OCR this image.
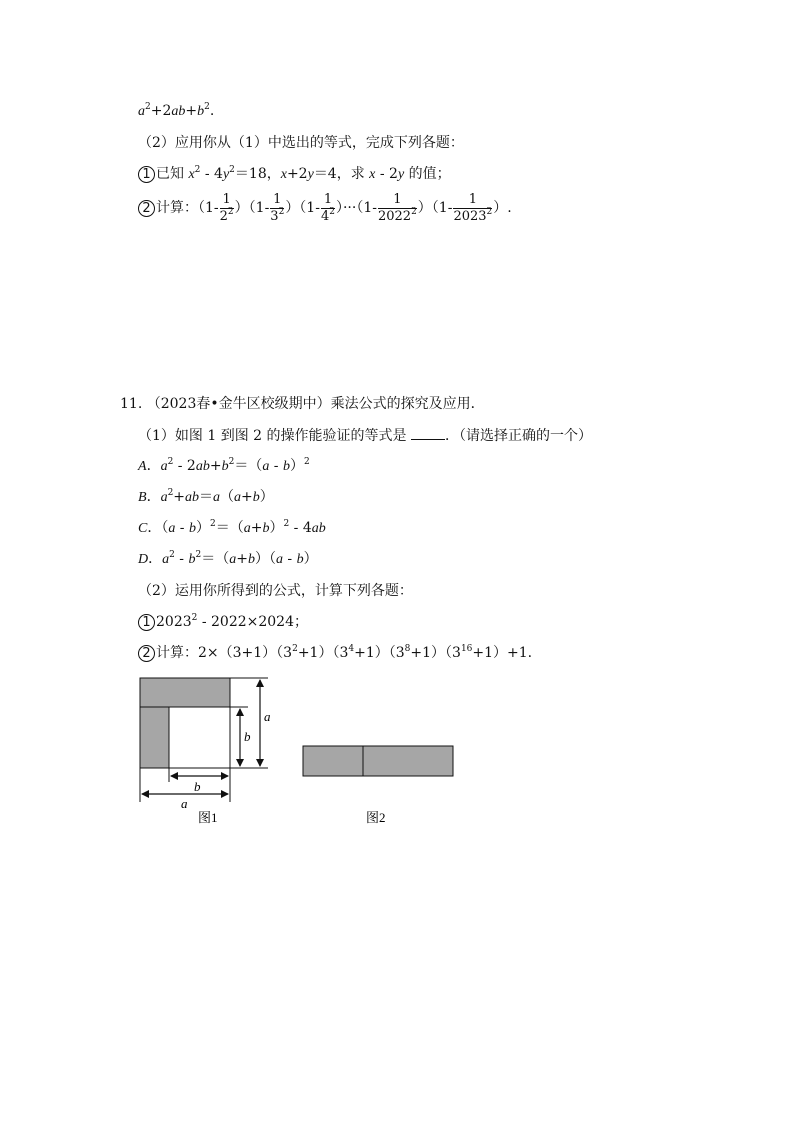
$a^2+2ab+b^2$.
（2）应用你从（1）中选出的等式，完成下列各题：
1 已知 $x^2 - 4y^2=18$，x+2y＝4，求 x - 2y 的值；
2 计算：$(1- \frac{1}{2^2} )(1- \frac{1}{3^2} )(1- \frac{1}{4^2} )\cdot\cdot\cdot(1- \frac{1}{2022^2} )(1- \frac{1}{2023^2}$ ）.
11. （2023春•金牛区校级期中）乘法公式的探究及应用．
（1）如图 1 到图 2 的操作能验证的等式是 ．（请选择正确的一个）
A．$a^2 - 2ab+b^2=(a - b)^2$
B．$a^2+ab=a(a+b)$
C．$(a - b)^2=(a+b)^2 - 4ab$
D．$a^2 - b^2=(a+b)(a - b)$
（2）运用你所得到的公式，计算下列各题：
1 2023$^2$ - 2022×2024；
2 计算：$2\times(3+1)(3^2+1)(3^4+1)(3^8+1)(3^{16}+1)+1$.
a
b
b
a
图1	图2
